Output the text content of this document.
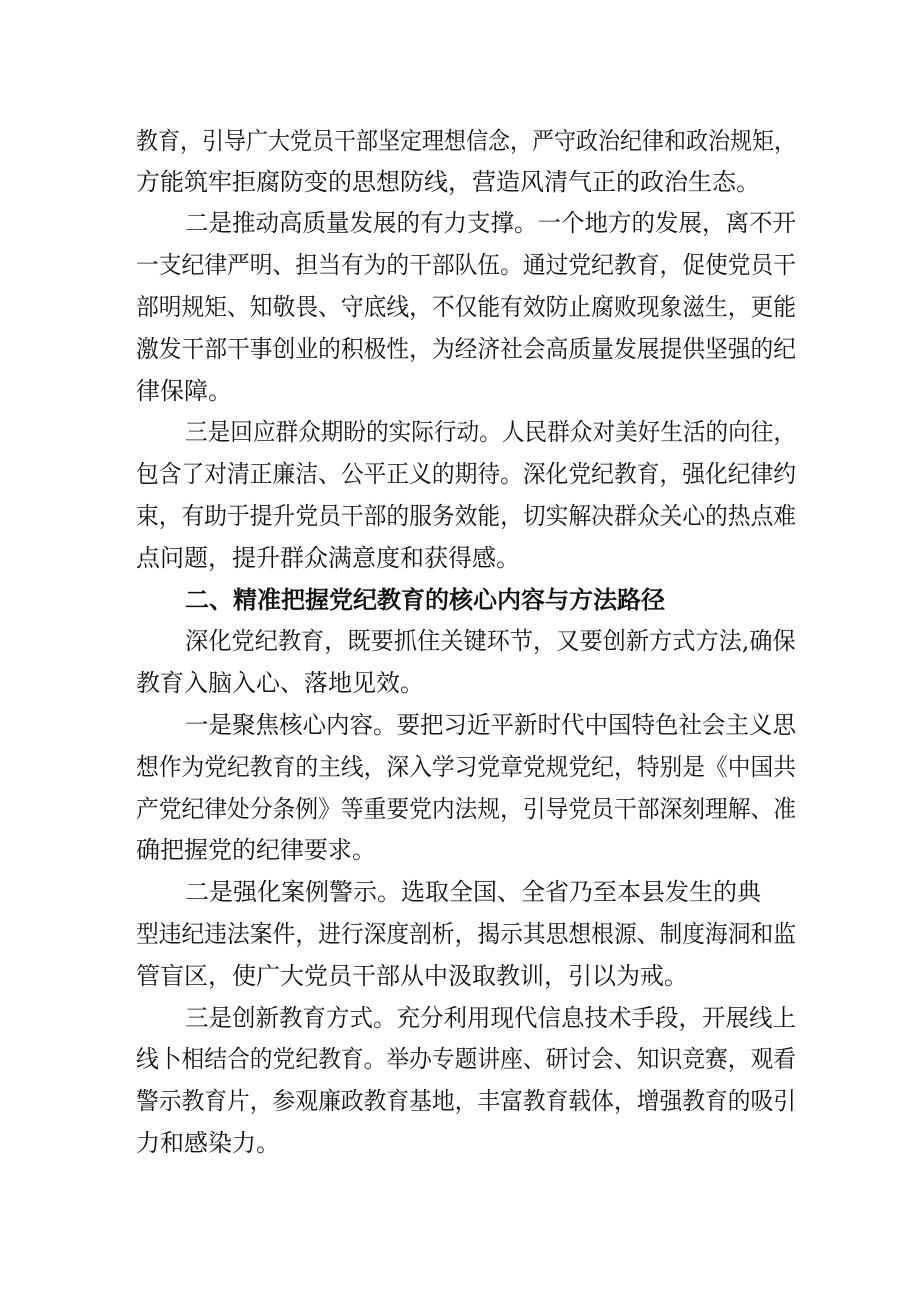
教育，引导广大党员干部坚定理想信念，严守政治纪律和政治规矩，
方能筑牢拒腐防变的思想防线，营造风清气正的政治生态。
二是推动高质量发展的有力支撑。一个地方的发展，离不开
一支纪律严明、担当有为的干部队伍。通过党纪教育，促使党员干
部明规矩、知敬畏、守底线，不仅能有效防止腐败现象滋生，更能
激发干部干事创业的积极性，为经济社会高质量发展提供坚强的纪
律保障。
三是回应群众期盼的实际行动。人民群众对美好生活的向往，
包含了对清正廉洁、公平正义的期待。深化党纪教育，强化纪律约
束，有助于提升党员干部的服务效能，切实解决群众关心的热点难
点问题，提升群众满意度和获得感。
二、精准把握党纪教育的核心内容与方法路径
深化党纪教育，既要抓住关键环节，又要创新方式方法,确保
教育入脑入心、落地见效。
一是聚焦核心内容。要把习近平新时代中国特色社会主义思
想作为党纪教育的主线，深入学习党章党规党纪，特别是《中国共
产党纪律处分条例》等重要党内法规，引导党员干部深刻理解、准
确把握党的纪律要求。
二是强化案例警示。选取全国、全省乃至本县发生的典
型违纪违法案件，进行深度剖析，揭示其思想根源、制度海洞和监
管盲区，使广大党员干部从中汲取教训，引以为戒。
三是创新教育方式。充分利用现代信息技术手段，开展线上
线卜相结合的党纪教育。举办专题讲座、研讨会、知识竞赛，观看
警示教育片，参观廉政教育基地，丰富教育载体，增强教育的吸引
力和感染力。
